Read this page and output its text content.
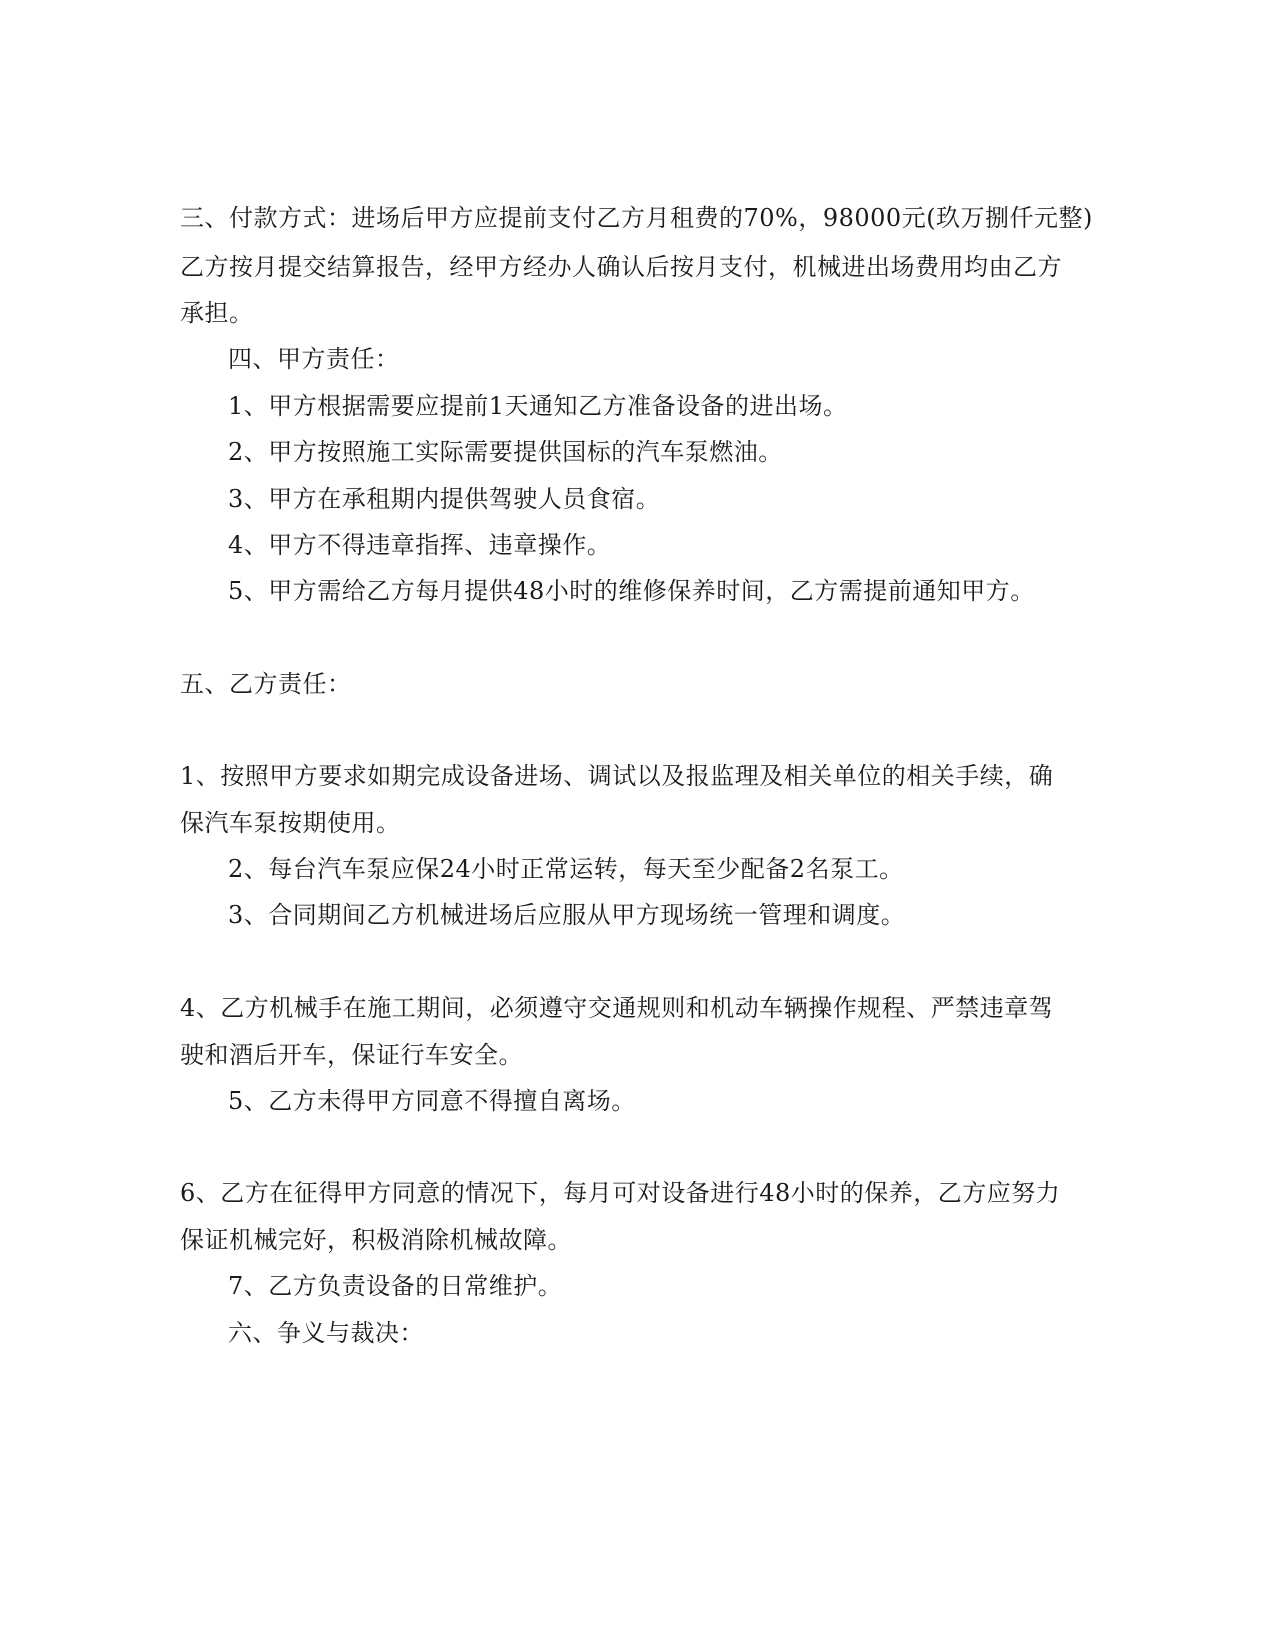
三、付款方式：进场后甲方应提前支付乙方月租费的70%，98000元(玖万捌仟元整)
乙方按月提交结算报告，经甲方经办人确认后按月支付，机械进出场费用均由乙方
承担。
四、甲方责任：
1、甲方根据需要应提前1天通知乙方准备设备的进出场。
2、甲方按照施工实际需要提供国标的汽车泵燃油。
3、甲方在承租期内提供驾驶人员食宿。
4、甲方不得违章指挥、违章操作。
5、甲方需给乙方每月提供48小时的维修保养时间，乙方需提前通知甲方。
五、乙方责任：
1、按照甲方要求如期完成设备进场、调试以及报监理及相关单位的相关手续，确
保汽车泵按期使用。
2、每台汽车泵应保24小时正常运转，每天至少配备2名泵工。
3、合同期间乙方机械进场后应服从甲方现场统一管理和调度。
4、乙方机械手在施工期间，必须遵守交通规则和机动车辆操作规程、严禁违章驾
驶和酒后开车，保证行车安全。
5、乙方未得甲方同意不得擅自离场。
6、乙方在征得甲方同意的情况下，每月可对设备进行48小时的保养，乙方应努力
保证机械完好，积极消除机械故障。
7、乙方负责设备的日常维护。
六、争义与裁决：
